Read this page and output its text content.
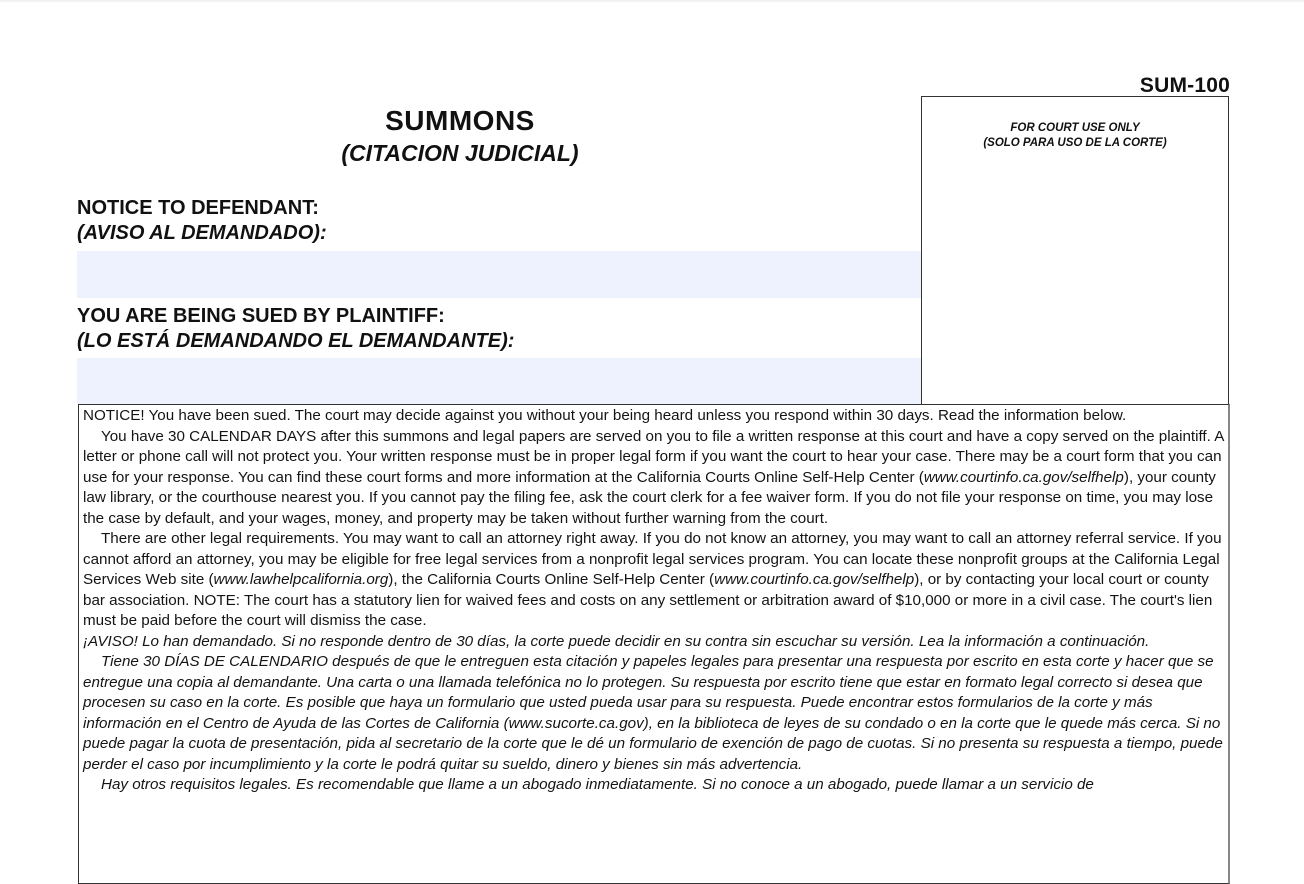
SUM-100
FOR COURT USE ONLY
(SOLO PARA USO DE LA CORTE)
SUMMONS
(CITACION JUDICIAL)
NOTICE TO DEFENDANT:
(AVISO AL DEMANDADO):
YOU ARE BEING SUED BY PLAINTIFF:
(LO ESTÁ DEMANDANDO EL DEMANDANTE):

NOTICE! You have been sued. The court may decide against you without your being heard unless you respond within 30 days. Read the information below.

You have 30 CALENDAR DAYS after this summons and legal papers are served on you to file a written response at this court and have a copy served on the plaintiff. A letter or phone call will not protect you. Your written response must be in proper legal form if you want the court to hear your case. There may be a court form that you can use for your response. You can find these court forms and more information at the California Courts Online Self-Help Center (www.courtinfo.ca.gov/selfhelp), your county law library, or the courthouse nearest you. If you cannot pay the filing fee, ask the court clerk for a fee waiver form. If you do not file your response on time, you may lose the case by default, and your wages, money, and property may be taken without further warning from the court.

There are other legal requirements. You may want to call an attorney right away. If you do not know an attorney, you may want to call an attorney referral service. If you cannot afford an attorney, you may be eligible for free legal services from a nonprofit legal services program. You can locate these nonprofit groups at the California Legal Services Web site (www.lawhelpcalifornia.org), the California Courts Online Self-Help Center (www.courtinfo.ca.gov/selfhelp), or by contacting your local court or county bar association. NOTE: The court has a statutory lien for waived fees and costs on any settlement or arbitration award of $10,000 or more in a civil case. The court's lien must be paid before the court will dismiss the case.

¡AVISO! Lo han demandado. Si no responde dentro de 30 días, la corte puede decidir en su contra sin escuchar su versión. Lea la información a continuación.

Tiene 30 DÍAS DE CALENDARIO después de que le entreguen esta citación y papeles legales para presentar una respuesta por escrito en esta corte y hacer que se entregue una copia al demandante. Una carta o una llamada telefónica no lo protegen. Su respuesta por escrito tiene que estar en formato legal correcto si desea que procesen su caso en la corte. Es posible que haya un formulario que usted pueda usar para su respuesta. Puede encontrar estos formularios de la corte y más información en el Centro de Ayuda de las Cortes de California (www.sucorte.ca.gov), en la biblioteca de leyes de su condado o en la corte que le quede más cerca. Si no puede pagar la cuota de presentación, pida al secretario de la corte que le dé un formulario de exención de pago de cuotas. Si no presenta su respuesta a tiempo, puede perder el caso por incumplimiento y la corte le podrá quitar su sueldo, dinero y bienes sin más advertencia.

Hay otros requisitos legales. Es recomendable que llame a un abogado inmediatamente. Si no conoce a un abogado, puede llamar a un servicio de
